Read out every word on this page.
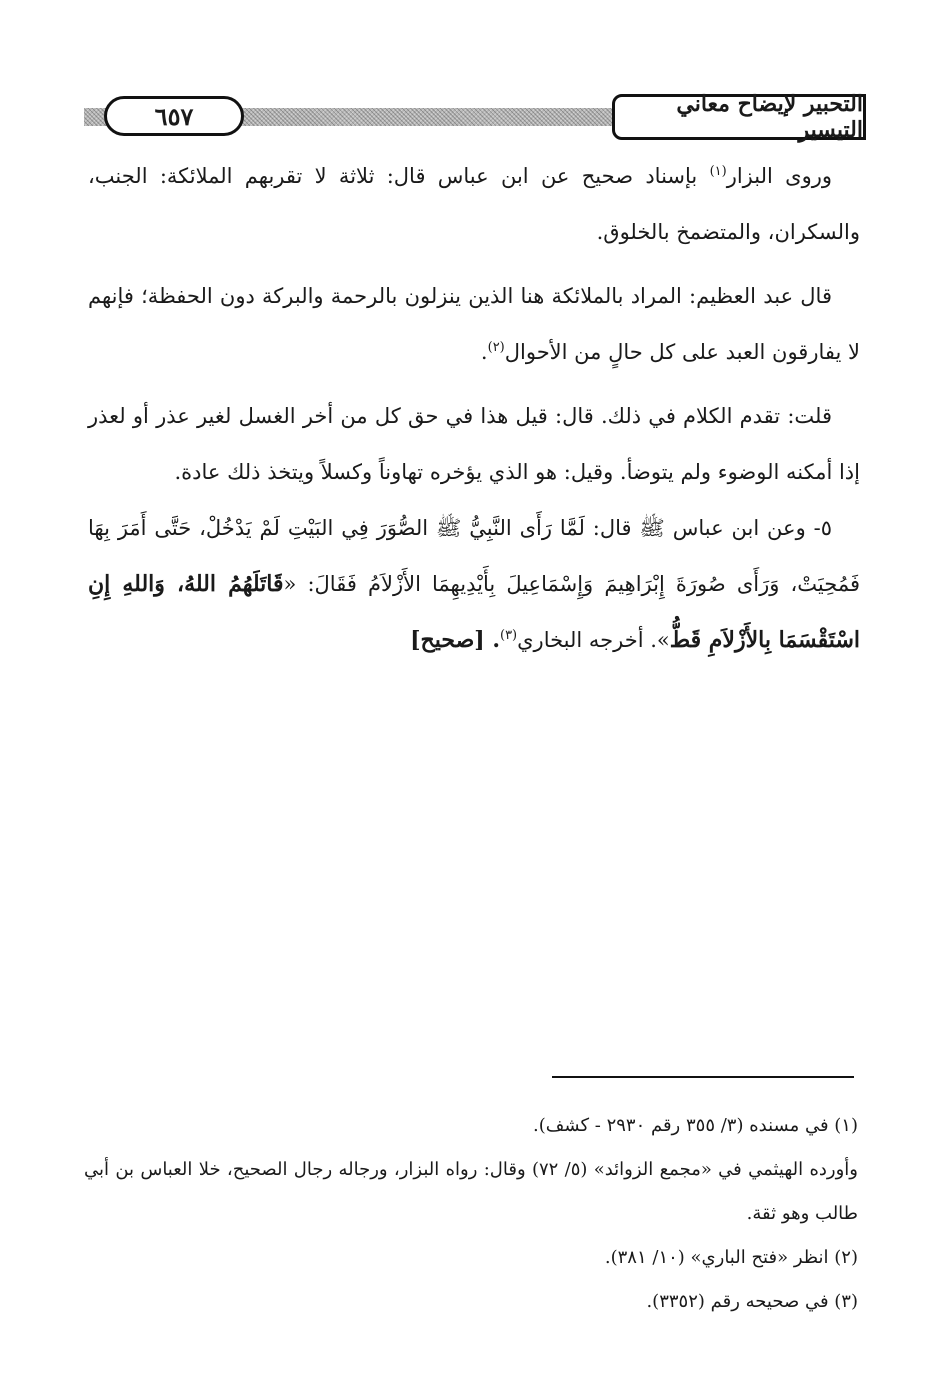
٦٥٧	التحبير لإيضاح معاني التيسير

وروى البزار$^{(١)}$ بإسناد صحيح عن ابن عباس قال: ثلاثة لا تقربهم الملائكة: الجنب، والسكران، والمتضمخ بالخلوق.

قال عبد العظيم: المراد بالملائكة هنا الذين ينزلون بالرحمة والبركة دون الحفظة؛ فإنهم لا يفارقون العبد على كل حالٍ من الأحوال$^{(٢)}$.

قلت: تقدم الكلام في ذلك. قال: قيل هذا في حق كل من أخر الغسل لغير عذر أو لعذر إذا أمكنه الوضوء ولم يتوضأ. وقيل: هو الذي يؤخره تهاوناً وكسلاً ويتخذ ذلك عادة.

٥- وعن ابن عباس ﷺ قال: لَمَّا رَأَى النَّبِيُّ ﷺ الصُّوَرَ فِي البَيْتِ لَمْ يَدْخُلْ، حَتَّى أَمَرَ بِهَا فَمُحِيَتْ، وَرَأَى صُورَةَ إِبْرَاهِيمَ وَإِسْمَاعِيلَ بِأَيْدِيهِمَا الأَزْلاَمُ فَقَالَ: «قَاتَلَهُمُ اللهُ، وَاللهِ إِنِ اسْتَقْسَمَا بِالأَزْلاَمِ قَطُّ». أخرجه البخاري$^{(٣)}$. [صحيح]

(١) في مسنده (٣/ ٣٥٥ رقم ٢٩٣٠ - كشف).

وأورده الهيثمي في «مجمع الزوائد» (٥/ ٧٢) وقال: رواه البزار، ورجاله رجال الصحيح، خلا العباس بن أبي طالب وهو ثقة.

(٢) انظر «فتح الباري» (١٠/ ٣٨١).

(٣) في صحيحه رقم (٣٣٥٢).
